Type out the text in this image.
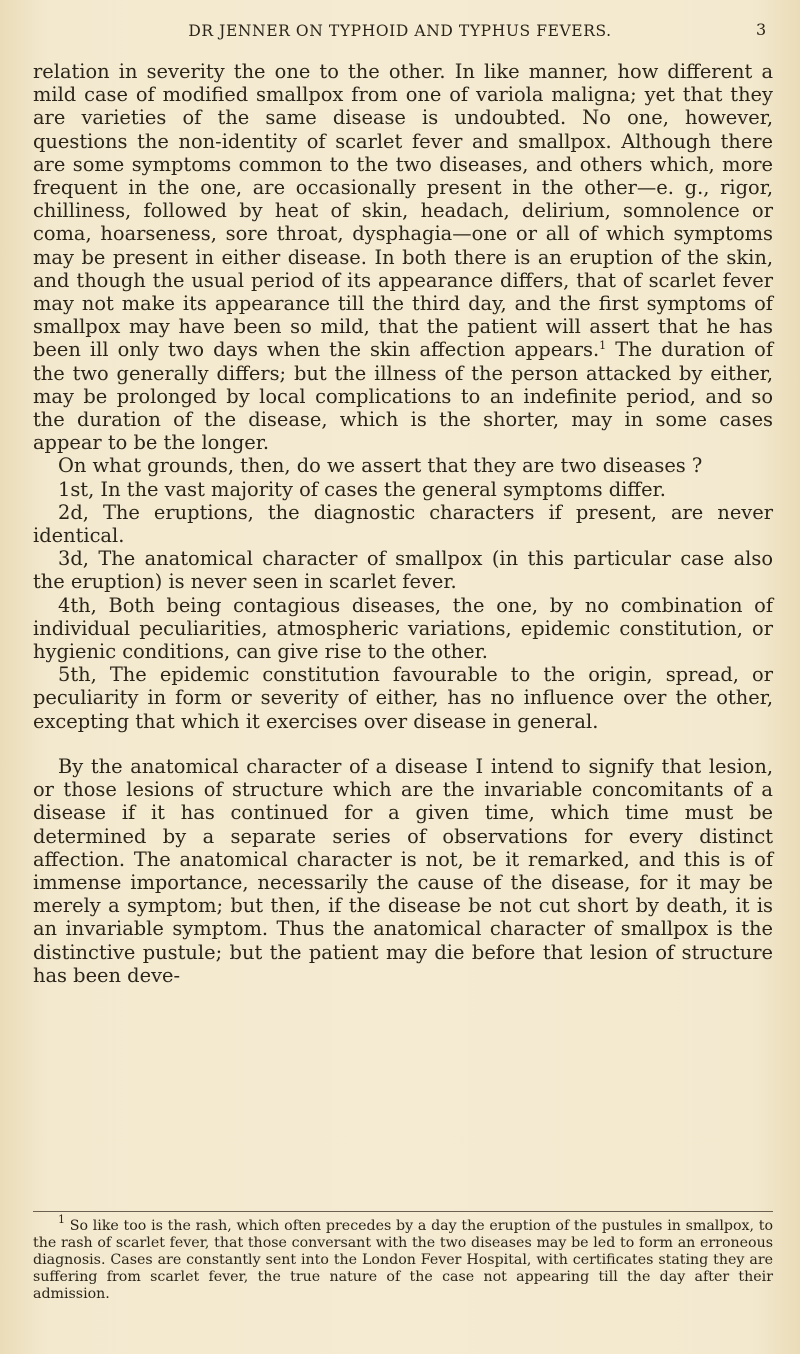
DR JENNER ON TYPHOID AND TYPHUS FEVERS.	3

relation in severity the one to the other. In like manner, how different a mild case of modified smallpox from one of variola maligna; yet that they are varieties of the same disease is undoubted. No one, however, questions the non-identity of scarlet fever and smallpox. Although there are some symptoms common to the two diseases, and others which, more frequent in the one, are occasionally present in the other—e. g., rigor, chilliness, followed by heat of skin, headach, delirium, somnolence or coma, hoarseness, sore throat, dysphagia—one or all of which symptoms may be present in either disease. In both there is an eruption of the skin, and though the usual period of its appearance differs, that of scarlet fever may not make its appearance till the third day, and the first symptoms of smallpox may have been so mild, that the patient will assert that he has been ill only two days when the skin affection appears.$^1$ The duration of the two generally differs; but the illness of the person attacked by either, may be prolonged by local complications to an indefinite period, and so the duration of the disease, which is the shorter, may in some cases appear to be the longer.

On what grounds, then, do we assert that they are two diseases ?

1st, In the vast majority of cases the general symptoms differ.

2d, The eruptions, the diagnostic characters if present, are never identical.

3d, The anatomical character of smallpox (in this particular case also the eruption) is never seen in scarlet fever.

4th, Both being contagious diseases, the one, by no combination of individual peculiarities, atmospheric variations, epidemic constitution, or hygienic conditions, can give rise to the other.

5th, The epidemic constitution favourable to the origin, spread, or peculiarity in form or severity of either, has no influence over the other, excepting that which it exercises over disease in general.

By the anatomical character of a disease I intend to signify that lesion, or those lesions of structure which are the invariable concomitants of a disease if it has continued for a given time, which time must be determined by a separate series of observations for every distinct affection. The anatomical character is not, be it remarked, and this is of immense importance, necessarily the cause of the disease, for it may be merely a symptom; but then, if the disease be not cut short by death, it is an invariable symptom. Thus the anatomical character of smallpox is the distinctive pustule; but the patient may die before that lesion of structure has been deve-

$^1$ So like too is the rash, which often precedes by a day the eruption of the pustules in smallpox, to the rash of scarlet fever, that those conversant with the two diseases may be led to form an erroneous diagnosis. Cases are constantly sent into the London Fever Hospital, with certificates stating they are suffering from scarlet fever, the true nature of the case not appearing till the day after their admission.
